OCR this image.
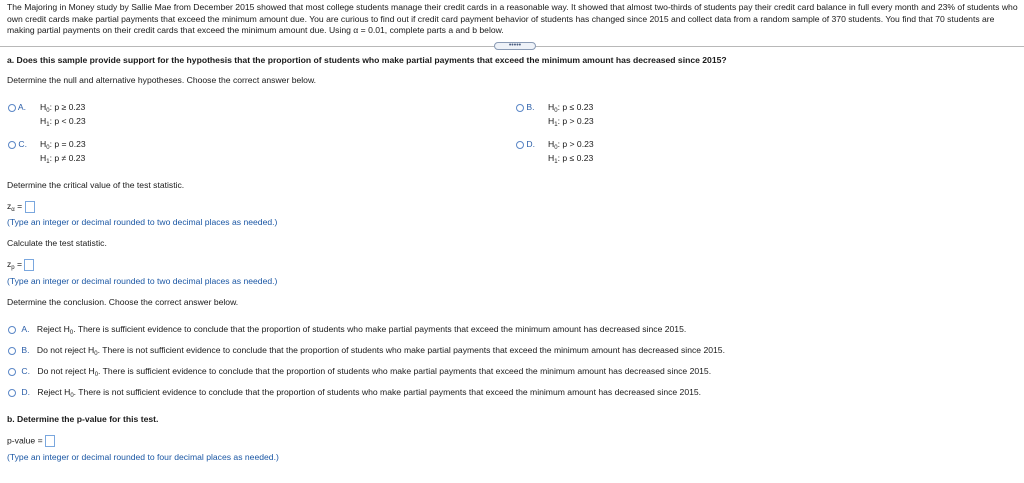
The Majoring in Money study by Sallie Mae from December 2015 showed that most college students manage their credit cards in a reasonable way. It showed that almost two-thirds of students pay their credit card balance in full every month and 23% of students who own credit cards make partial payments that exceed the minimum amount due. You are curious to find out if credit card payment behavior of students has changed since 2015 and collect data from a random sample of 370 students. You find that 70 students are making partial payments on their credit cards that exceed the minimum amount due. Using α = 0.01, complete parts a and b below.
•••••
a. Does this sample provide support for the hypothesis that the proportion of students who make partial payments that exceed the minimum amount has decreased since 2015?
Determine the null and alternative hypotheses. Choose the correct answer below.
A. $H_0$: p ≥ 0.23
$H_1$: p < 0.23
B. $H_0$: p ≤ 0.23
$H_1$: p > 0.23
C. $H_0$: p = 0.23
$H_1$: p ≠ 0.23
D. $H_0$: p > 0.23
$H_1$: p ≤ 0.23
Determine the critical value of the test statistic.
$z_\alpha$ =
(Type an integer or decimal rounded to two decimal places as needed.)
Calculate the test statistic.
$z_p$ =
(Type an integer or decimal rounded to two decimal places as needed.)
Determine the conclusion. Choose the correct answer below.
A. Reject $H_0$. There is sufficient evidence to conclude that the proportion of students who make partial payments that exceed the minimum amount has decreased since 2015.
B. Do not reject $H_0$. There is not sufficient evidence to conclude that the proportion of students who make partial payments that exceed the minimum amount has decreased since 2015.
C. Do not reject $H_0$. There is sufficient evidence to conclude that the proportion of students who make partial payments that exceed the minimum amount has decreased since 2015.
D. Reject $H_0$. There is not sufficient evidence to conclude that the proportion of students who make partial payments that exceed the minimum amount has decreased since 2015.
b. Determine the p-value for this test.
p-value =
(Type an integer or decimal rounded to four decimal places as needed.)
